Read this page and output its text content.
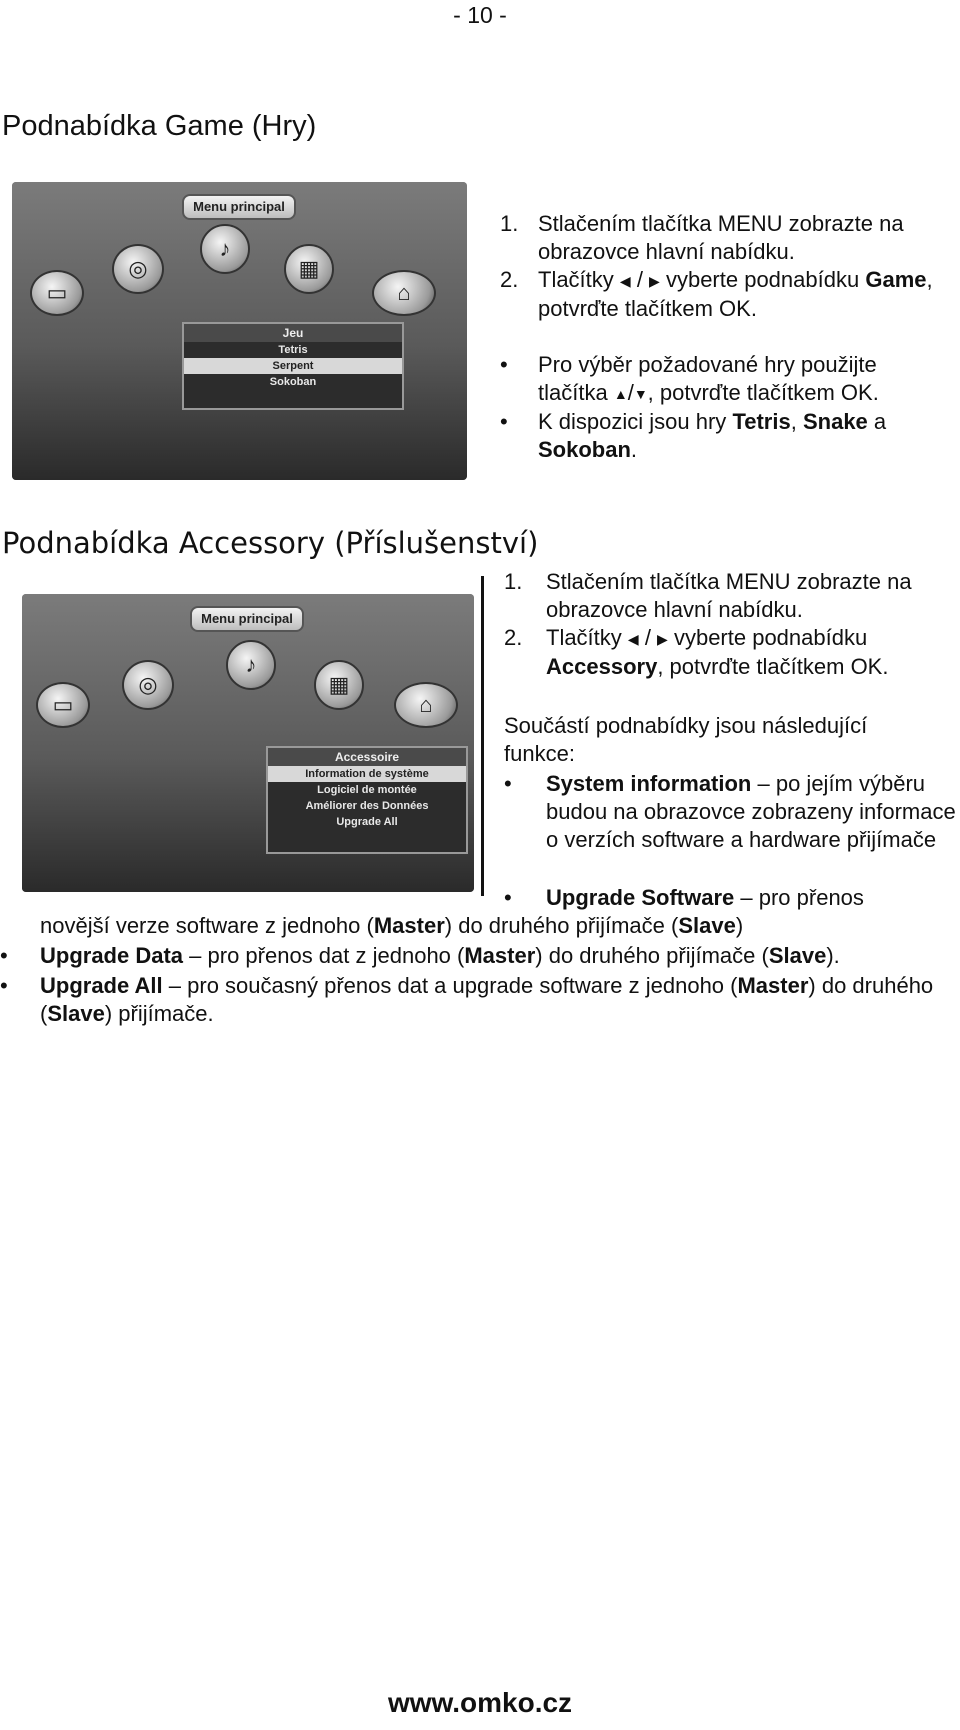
- 10 -
Podnabídka Game (Hry)
Menu principal
▭
◎
♪
▦
⌂
Jeu
Tetris
Serpent
Sokoban
1. Stlačením tlačítka MENU zobrazte na obrazovce hlavní nabídku.
2. Tlačítky ◀ / ▶ vyberte podnabídku Game, potvrďte tlačítkem OK.
• Pro výběr požadované hry použijte tlačítka ▲/▼, potvrďte tlačítkem OK.
• K dispozici jsou hry Tetris, Snake a Sokoban.
Podnabídka Accessory (Příslušenství)
Menu principal
▭
◎
♪
▦
⌂
Accessoire
Information de système
Logiciel de montée
Améliorer des Données
Upgrade All
1. Stlačením tlačítka MENU zobrazte na obrazovce hlavní nabídku.
2. Tlačítky ◀ / ▶ vyberte podnabídku Accessory, potvrďte tlačítkem OK.
Součástí podnabídky jsou následující funkce:
• System information – po jejím výběru budou na obrazovce zobrazeny informace o verzích software a hardware přijímače
• Upgrade Software – pro přenos
novější verze software z jednoho (Master) do druhého přijímače (Slave)
• Upgrade Data – pro přenos dat z jednoho (Master) do druhého přijímače (Slave).
• Upgrade All – pro současný přenos dat a upgrade software z jednoho (Master) do druhého (Slave) přijímače.
www.omko.cz
